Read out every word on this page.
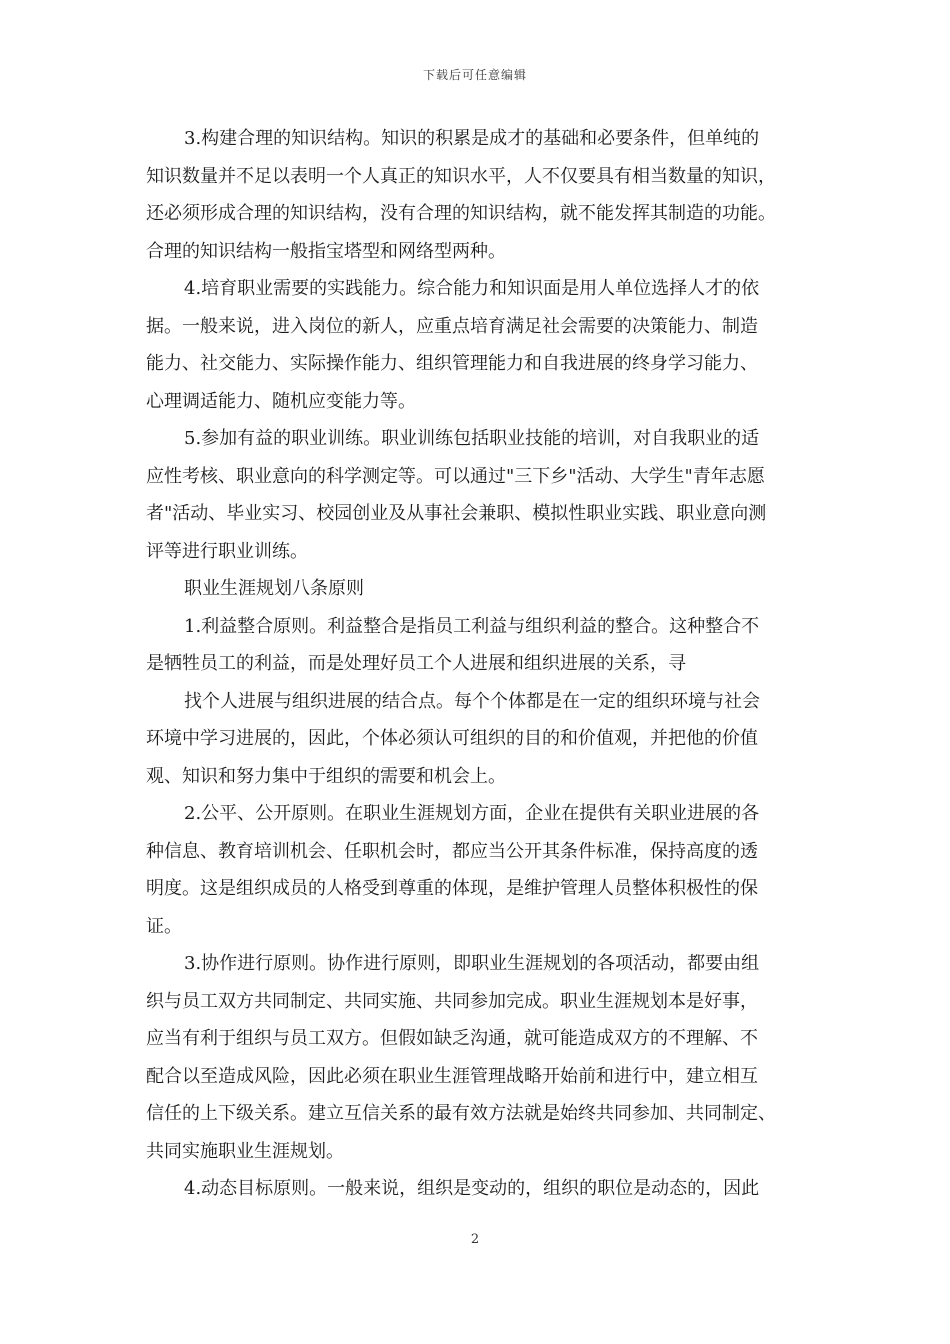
下载后可任意编辑

3.构建合理的知识结构。知识的积累是成才的基础和必要条件，但单纯的

知识数量并不足以表明一个人真正的知识水平，人不仅要具有相当数量的知识，

还必须形成合理的知识结构，没有合理的知识结构，就不能发挥其制造的功能。

合理的知识结构一般指宝塔型和网络型两种。

4.培育职业需要的实践能力。综合能力和知识面是用人单位选择人才的依

据。一般来说，进入岗位的新人，应重点培育满足社会需要的决策能力、制造

能力、社交能力、实际操作能力、组织管理能力和自我进展的终身学习能力、

心理调适能力、随机应变能力等。

5.参加有益的职业训练。职业训练包括职业技能的培训，对自我职业的适

应性考核、职业意向的科学测定等。可以通过"三下乡"活动、大学生"青年志愿

者"活动、毕业实习、校园创业及从事社会兼职、模拟性职业实践、职业意向测

评等进行职业训练。

职业生涯规划八条原则

1.利益整合原则。利益整合是指员工利益与组织利益的整合。这种整合不

是牺牲员工的利益，而是处理好员工个人进展和组织进展的关系，寻

找个人进展与组织进展的结合点。每个个体都是在一定的组织环境与社会

环境中学习进展的，因此，个体必须认可组织的目的和价值观，并把他的价值

观、知识和努力集中于组织的需要和机会上。

2.公平、公开原则。在职业生涯规划方面，企业在提供有关职业进展的各

种信息、教育培训机会、任职机会时，都应当公开其条件标准，保持高度的透

明度。这是组织成员的人格受到尊重的体现，是维护管理人员整体积极性的保

证。

3.协作进行原则。协作进行原则，即职业生涯规划的各项活动，都要由组

织与员工双方共同制定、共同实施、共同参加完成。职业生涯规划本是好事，

应当有利于组织与员工双方。但假如缺乏沟通，就可能造成双方的不理解、不

配合以至造成风险，因此必须在职业生涯管理战略开始前和进行中，建立相互

信任的上下级关系。建立互信关系的最有效方法就是始终共同参加、共同制定、

共同实施职业生涯规划。

4.动态目标原则。一般来说，组织是变动的，组织的职位是动态的，因此

2
